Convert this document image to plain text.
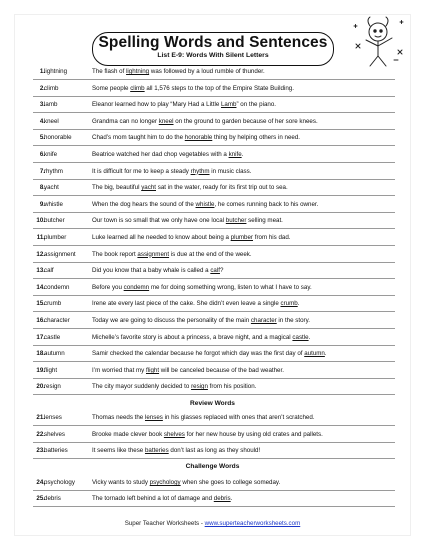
Spelling Words and Sentences
List E-9: Words With Silent Letters
1. lightning	The flash of lightning was followed by a loud rumble of thunder.
2. climb	Some people climb all 1,576 steps to the top of the Empire State Building.
3. lamb	Eleanor learned how to play “Mary Had a Little Lamb” on the piano.
4. kneel	Grandma can no longer kneel on the ground to garden because of her sore knees.
5. honorable	Chad’s mom taught him to do the honorable thing by helping others in need.
6. knife	Beatrice watched her dad chop vegetables with a knife.
7. rhythm	It is difficult for me to keep a steady rhythm in music class.
8. yacht	The big, beautiful yacht sat in the water, ready for its first trip out to sea.
9. whistle	When the dog hears the sound of the whistle, he comes running back to his owner.
10. butcher	Our town is so small that we only have one local butcher selling meat.
11. plumber	Luke learned all he needed to know about being a plumber from his dad.
12. assignment	The book report assignment is due at the end of the week.
13. calf	Did you know that a baby whale is called a calf?
14. condemn	Before you condemn me for doing something wrong, listen to what I have to say.
15. crumb	Irene ate every last piece of the cake. She didn’t even leave a single crumb.
16. character	Today we are going to discuss the personality of the main character in the story.
17. castle	Michelle’s favorite story is about a princess, a brave night, and a magical castle.
18. autumn	Samir checked the calendar because he forgot which day was the first day of autumn.
19. flight	I’m worried that my flight will be canceled because of the bad weather.
20. resign	The city mayor suddenly decided to resign from his position.
Review Words
21. lenses	Thomas needs the lenses in his glasses replaced with ones that aren’t scratched.
22. shelves	Brooke made clever book shelves for her new house by using old crates and pallets.
23. batteries	It seems like these batteries don’t last as long as they should!
Challenge Words
24. psychology	Vicky wants to study psychology when she goes to college someday.
25. debris	The tornado left behind a lot of damage and debris.
Super Teacher Worksheets - www.superteacherworksheets.com
